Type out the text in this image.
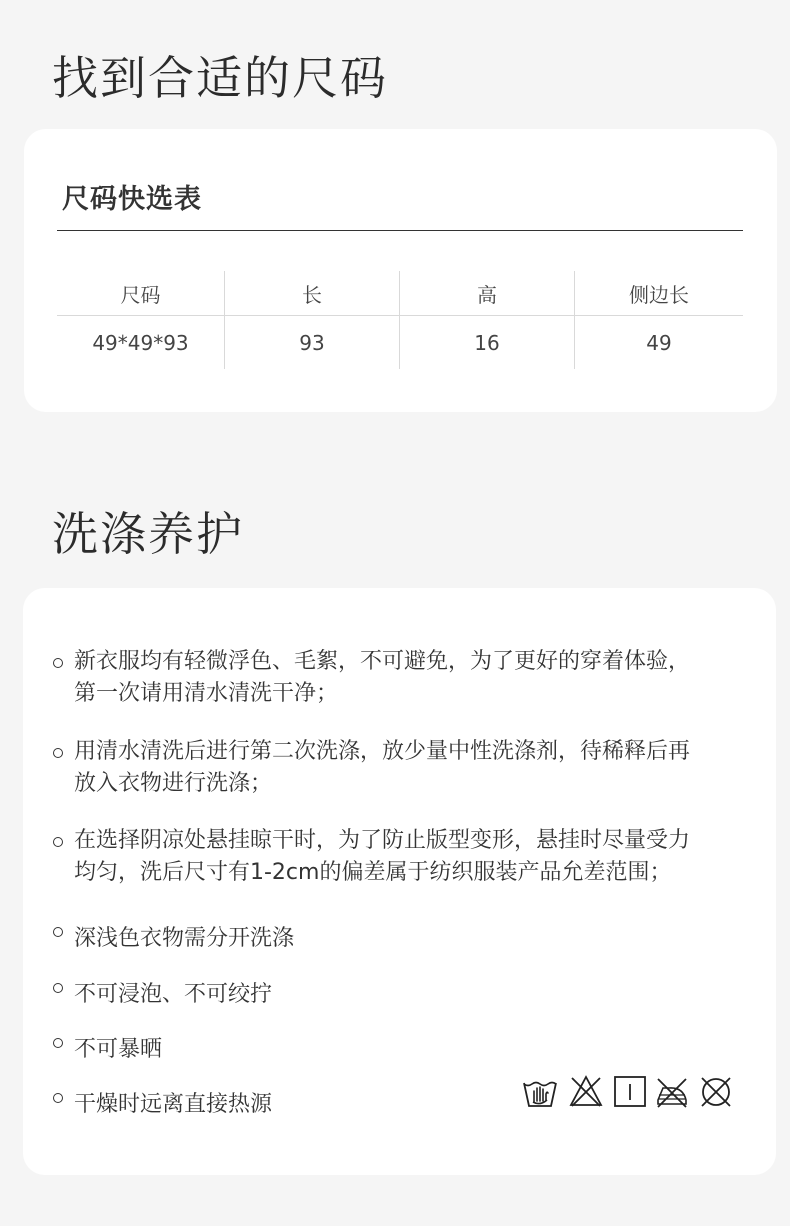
找到合适的尺码
尺码快选表
尺码	长	高	侧边长
49*49*93	93	16	49
洗涤养护
新衣服均有轻微浮色、毛絮，不可避免，为了更好的穿着体验，
第一次请用清水清洗干净；
用清水清洗后进行第二次洗涤，放少量中性洗涤剂，待稀释后再
放入衣物进行洗涤；
在选择阴凉处悬挂晾干时，为了防止版型变形，悬挂时尽量受力
均匀，洗后尺寸有1-2cm的偏差属于纺织服装产品允差范围；
深浅色衣物需分开洗涤
不可浸泡、不可绞拧
不可暴晒
干燥时远离直接热源
